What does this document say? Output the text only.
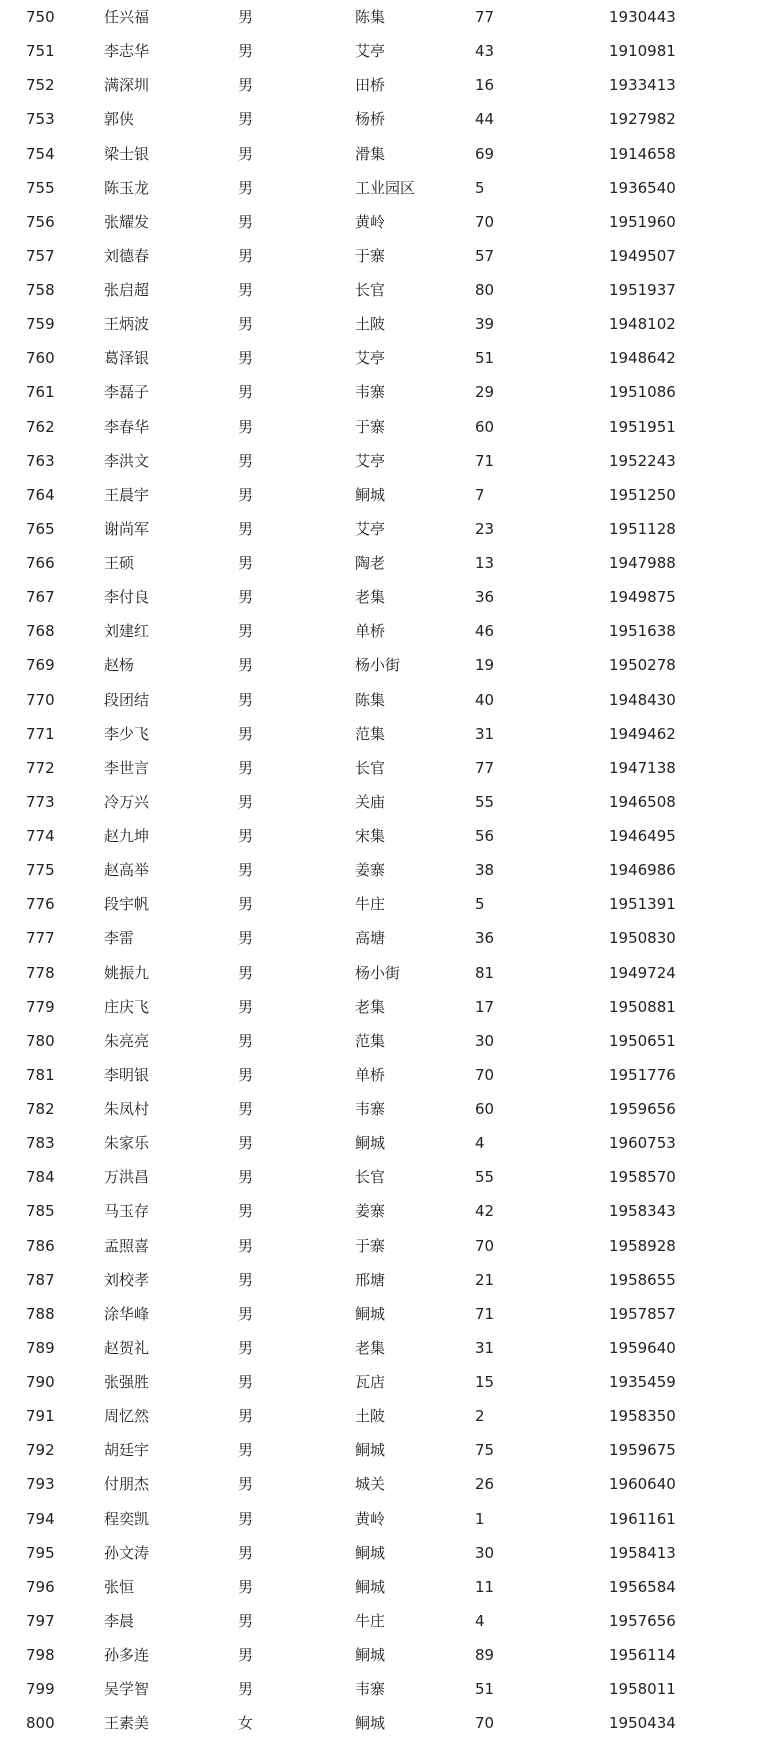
750	任兴福	男	陈集	77	1930443
751	李志华	男	艾亭	43	1910981
752	满深圳	男	田桥	16	1933413
753	郭侠	男	杨桥	44	1927982
754	梁士银	男	滑集	69	1914658
755	陈玉龙	男	工业园区	5	1936540
756	张耀发	男	黄岭	70	1951960
757	刘德春	男	于寨	57	1949507
758	张启超	男	长官	80	1951937
759	王炳波	男	土陂	39	1948102
760	葛泽银	男	艾亭	51	1948642
761	李磊子	男	韦寨	29	1951086
762	李春华	男	于寨	60	1951951
763	李洪文	男	艾亭	71	1952243
764	王晨宇	男	鲖城	7	1951250
765	谢尚军	男	艾亭	23	1951128
766	王硕	男	陶老	13	1947988
767	李付良	男	老集	36	1949875
768	刘建红	男	单桥	46	1951638
769	赵杨	男	杨小街	19	1950278
770	段团结	男	陈集	40	1948430
771	李少飞	男	范集	31	1949462
772	李世言	男	长官	77	1947138
773	冷万兴	男	关庙	55	1946508
774	赵九坤	男	宋集	56	1946495
775	赵高举	男	姜寨	38	1946986
776	段宇帆	男	牛庄	5	1951391
777	李雷	男	高塘	36	1950830
778	姚振九	男	杨小街	81	1949724
779	庄庆飞	男	老集	17	1950881
780	朱亮亮	男	范集	30	1950651
781	李明银	男	单桥	70	1951776
782	朱凤村	男	韦寨	60	1959656
783	朱家乐	男	鲖城	4	1960753
784	万洪昌	男	长官	55	1958570
785	马玉存	男	姜寨	42	1958343
786	孟照喜	男	于寨	70	1958928
787	刘校孝	男	邢塘	21	1958655
788	涂华峰	男	鲖城	71	1957857
789	赵贺礼	男	老集	31	1959640
790	张强胜	男	瓦店	15	1935459
791	周忆然	男	土陂	2	1958350
792	胡廷宇	男	鲖城	75	1959675
793	付朋杰	男	城关	26	1960640
794	程奕凯	男	黄岭	1	1961161
795	孙文涛	男	鲖城	30	1958413
796	张恒	男	鲖城	11	1956584
797	李晨	男	牛庄	4	1957656
798	孙多连	男	鲖城	89	1956114
799	吴学智	男	韦寨	51	1958011
800	王素美	女	鲖城	70	1950434
